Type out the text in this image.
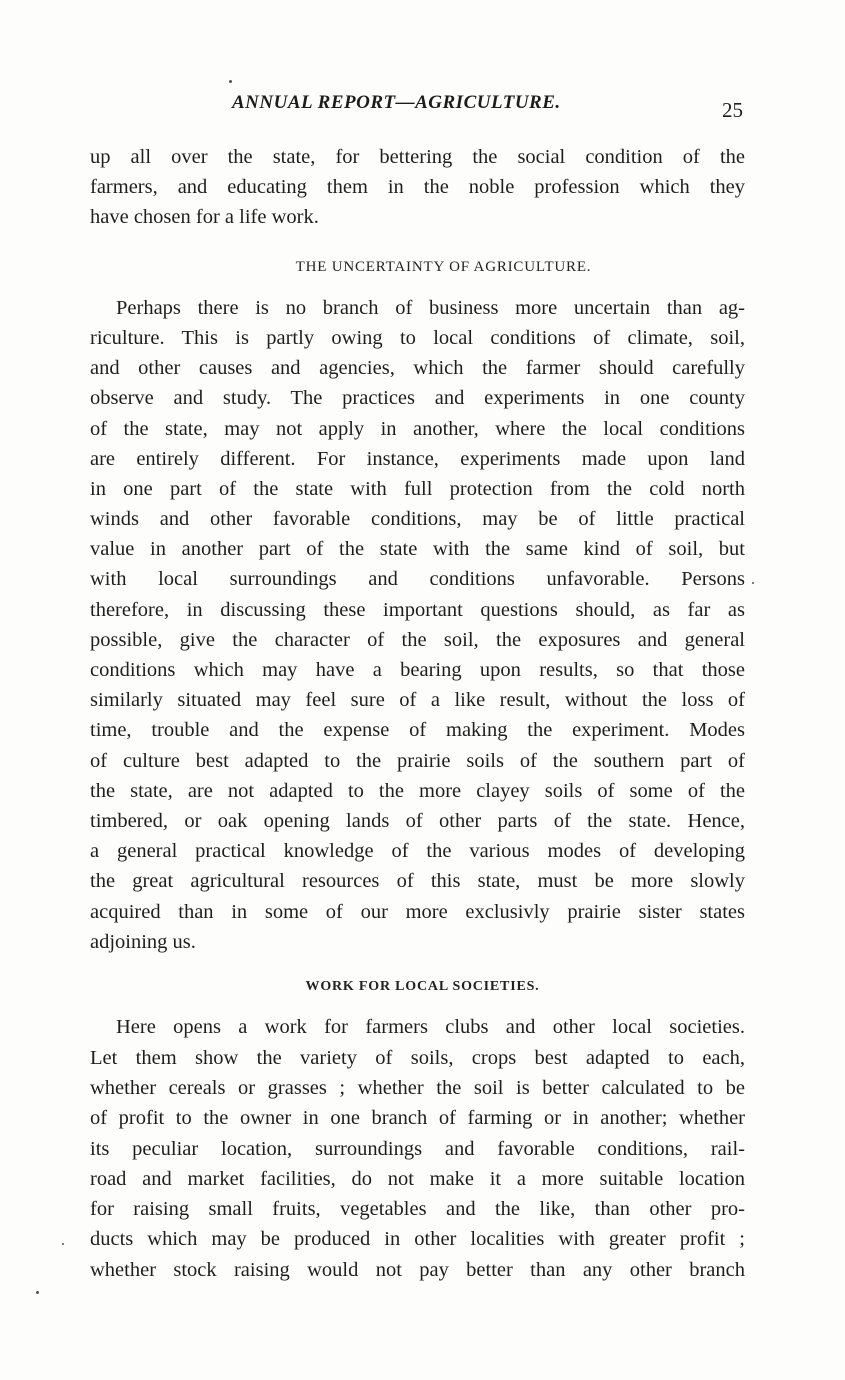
ANNUAL REPORT—AGRICULTURE.	25
up all over the state, for bettering the social condition of the
farmers, and educating them in the noble profession which they
have chosen for a life work.
THE UNCERTAINTY OF AGRICULTURE.
Perhaps there is no branch of business more uncertain than ag-
riculture. This is partly owing to local conditions of climate, soil,
and other causes and agencies, which the farmer should carefully
observe and study. The practices and experiments in one county
of the state, may not apply in another, where the local conditions
are entirely different. For instance, experiments made upon land
in one part of the state with full protection from the cold north
winds and other favorable conditions, may be of little practical
value in another part of the state with the same kind of soil, but
with local surroundings and conditions unfavorable. Persons
therefore, in discussing these important questions should, as far as
possible, give the character of the soil, the exposures and general
conditions which may have a bearing upon results, so that those
similarly situated may feel sure of a like result, without the loss of
time, trouble and the expense of making the experiment. Modes
of culture best adapted to the prairie soils of the southern part of
the state, are not adapted to the more clayey soils of some of the
timbered, or oak opening lands of other parts of the state. Hence,
a general practical knowledge of the various modes of developing
the great agricultural resources of this state, must be more slowly
acquired than in some of our more exclusivly prairie sister states
adjoining us.
WORK FOR LOCAL SOCIETIES.
Here opens a work for farmers clubs and other local societies.
Let them show the variety of soils, crops best adapted to each,
whether cereals or grasses ; whether the soil is better calculated to be
of profit to the owner in one branch of farming or in another; whether
its peculiar location, surroundings and favorable conditions, rail-
road and market facilities, do not make it a more suitable location
for raising small fruits, vegetables and the like, than other pro-
ducts which may be produced in other localities with greater profit ;
whether stock raising would not pay better than any other branch
